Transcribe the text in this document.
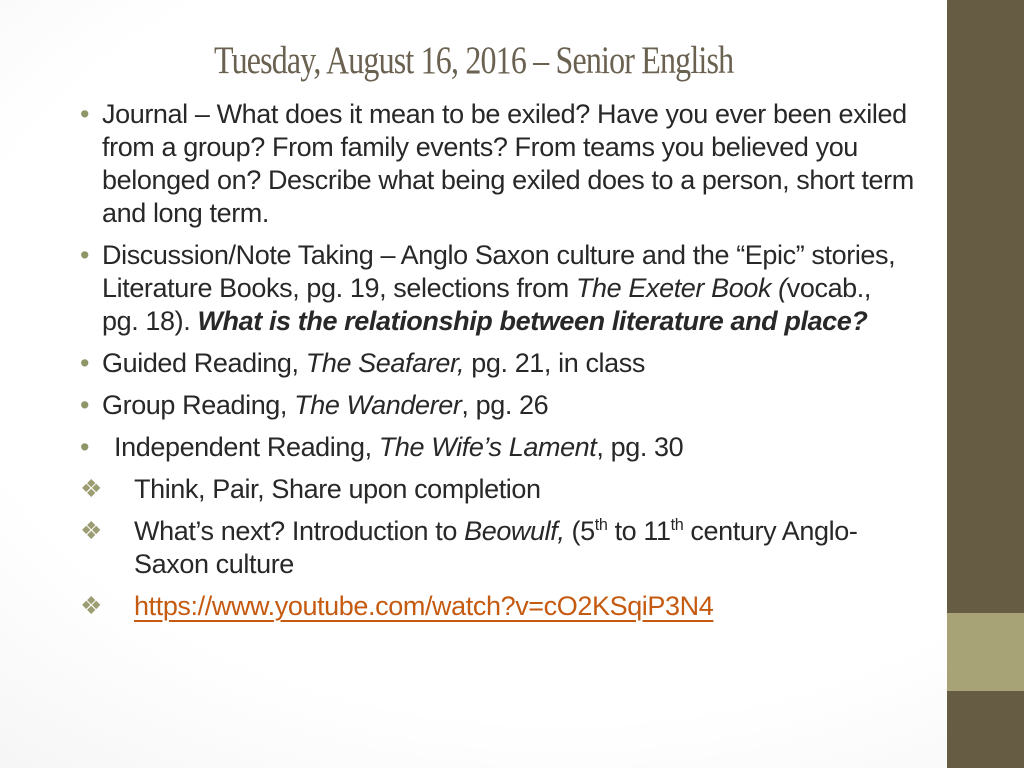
Tuesday, August 16, 2016 – Senior English
• Journal – What does it mean to be exiled? Have you ever been exiled from a group? From family events? From teams you believed you belonged on? Describe what being exiled does to a person, short term and long term.
• Discussion/Note Taking – Anglo Saxon culture and the “Epic” stories, Literature Books, pg. 19, selections from The Exeter Book (vocab., pg. 18). What is the relationship between literature and place?
• Guided Reading, The Seafarer, pg. 21, in class
• Group Reading, The Wanderer, pg. 26
• Independent Reading, The Wife’s Lament, pg. 30
❖ Think, Pair, Share upon completion
❖ What’s next? Introduction to Beowulf, (5th to 11th century Anglo-Saxon culture
❖ https://www.youtube.com/watch?v=cO2KSqiP3N4
